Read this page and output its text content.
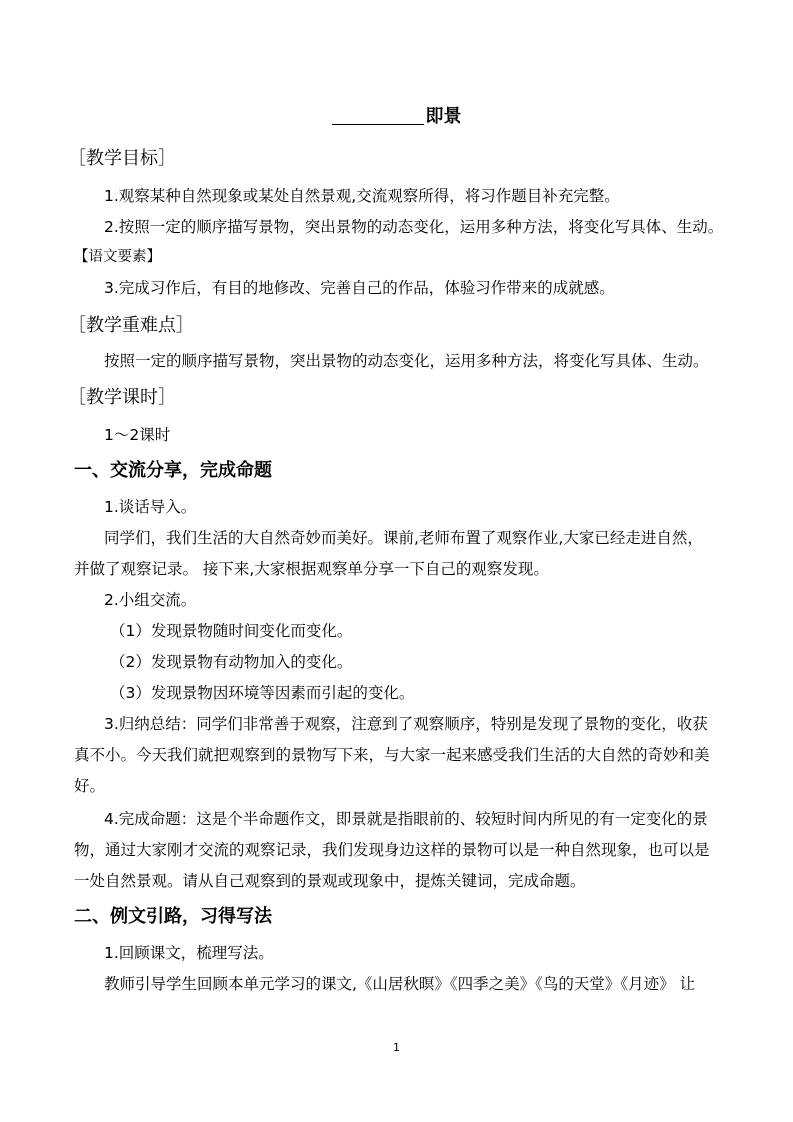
即景
［教学目标］
1.观察某种自然现象或某处自然景观,交流观察所得，将习作题目补充完整。
2.按照一定的顺序描写景物，突出景物的动态变化，运用多种方法，将变化写具体、生动。
【语文要素】
3.完成习作后，有目的地修改、完善自己的作品，体验习作带来的成就感。
［教学重难点］
按照一定的顺序描写景物，突出景物的动态变化，运用多种方法，将变化写具体、生动。
［教学课时］
1～2课时
一、交流分享，完成命题
1.谈话导入。
同学们，我们生活的大自然奇妙而美好。课前,老师布置了观察作业,大家已经走进自然，
并做了观察记录。 接下来,大家根据观察单分享一下自己的观察发现。
2.小组交流。
（1）发现景物随时间变化而变化。
（2）发现景物有动物加入的变化。
（3）发现景物因环境等因素而引起的变化。
3.归纳总结：同学们非常善于观察，注意到了观察顺序，特别是发现了景物的变化，收获
真不小。今天我们就把观察到的景物写下来，与大家一起来感受我们生活的大自然的奇妙和美
好。
4.完成命题：这是个半命题作文，即景就是指眼前的、较短时间内所见的有一定变化的景
物，通过大家刚才交流的观察记录，我们发现身边这样的景物可以是一种自然现象，也可以是
一处自然景观。请从自己观察到的景观或现象中，提炼关键词，完成命题。
二、例文引路，习得写法
1.回顾课文，梳理写法。
教师引导学生回顾本单元学习的课文,《山居秋暝》《四季之美》《鸟的天堂》《月迹》 让
1
